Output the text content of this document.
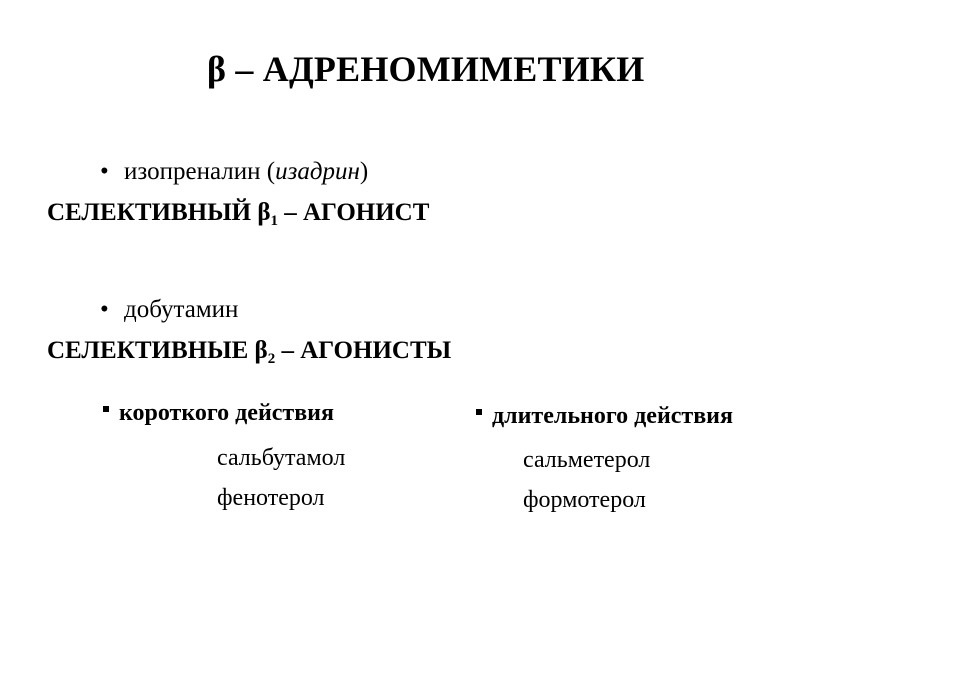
β – АДРЕНОМИМЕТИКИ
• изопреналин (изадрин)
СЕЛЕКТИВНЫЙ $\beta_1$ – АГОНИСТ
• добутамин
СЕЛЕКТИВНЫЕ $\beta_2$ – АГОНИСТЫ
короткого действия
сальбутамол
фенотерол
длительного действия
сальметерол
формотерол
